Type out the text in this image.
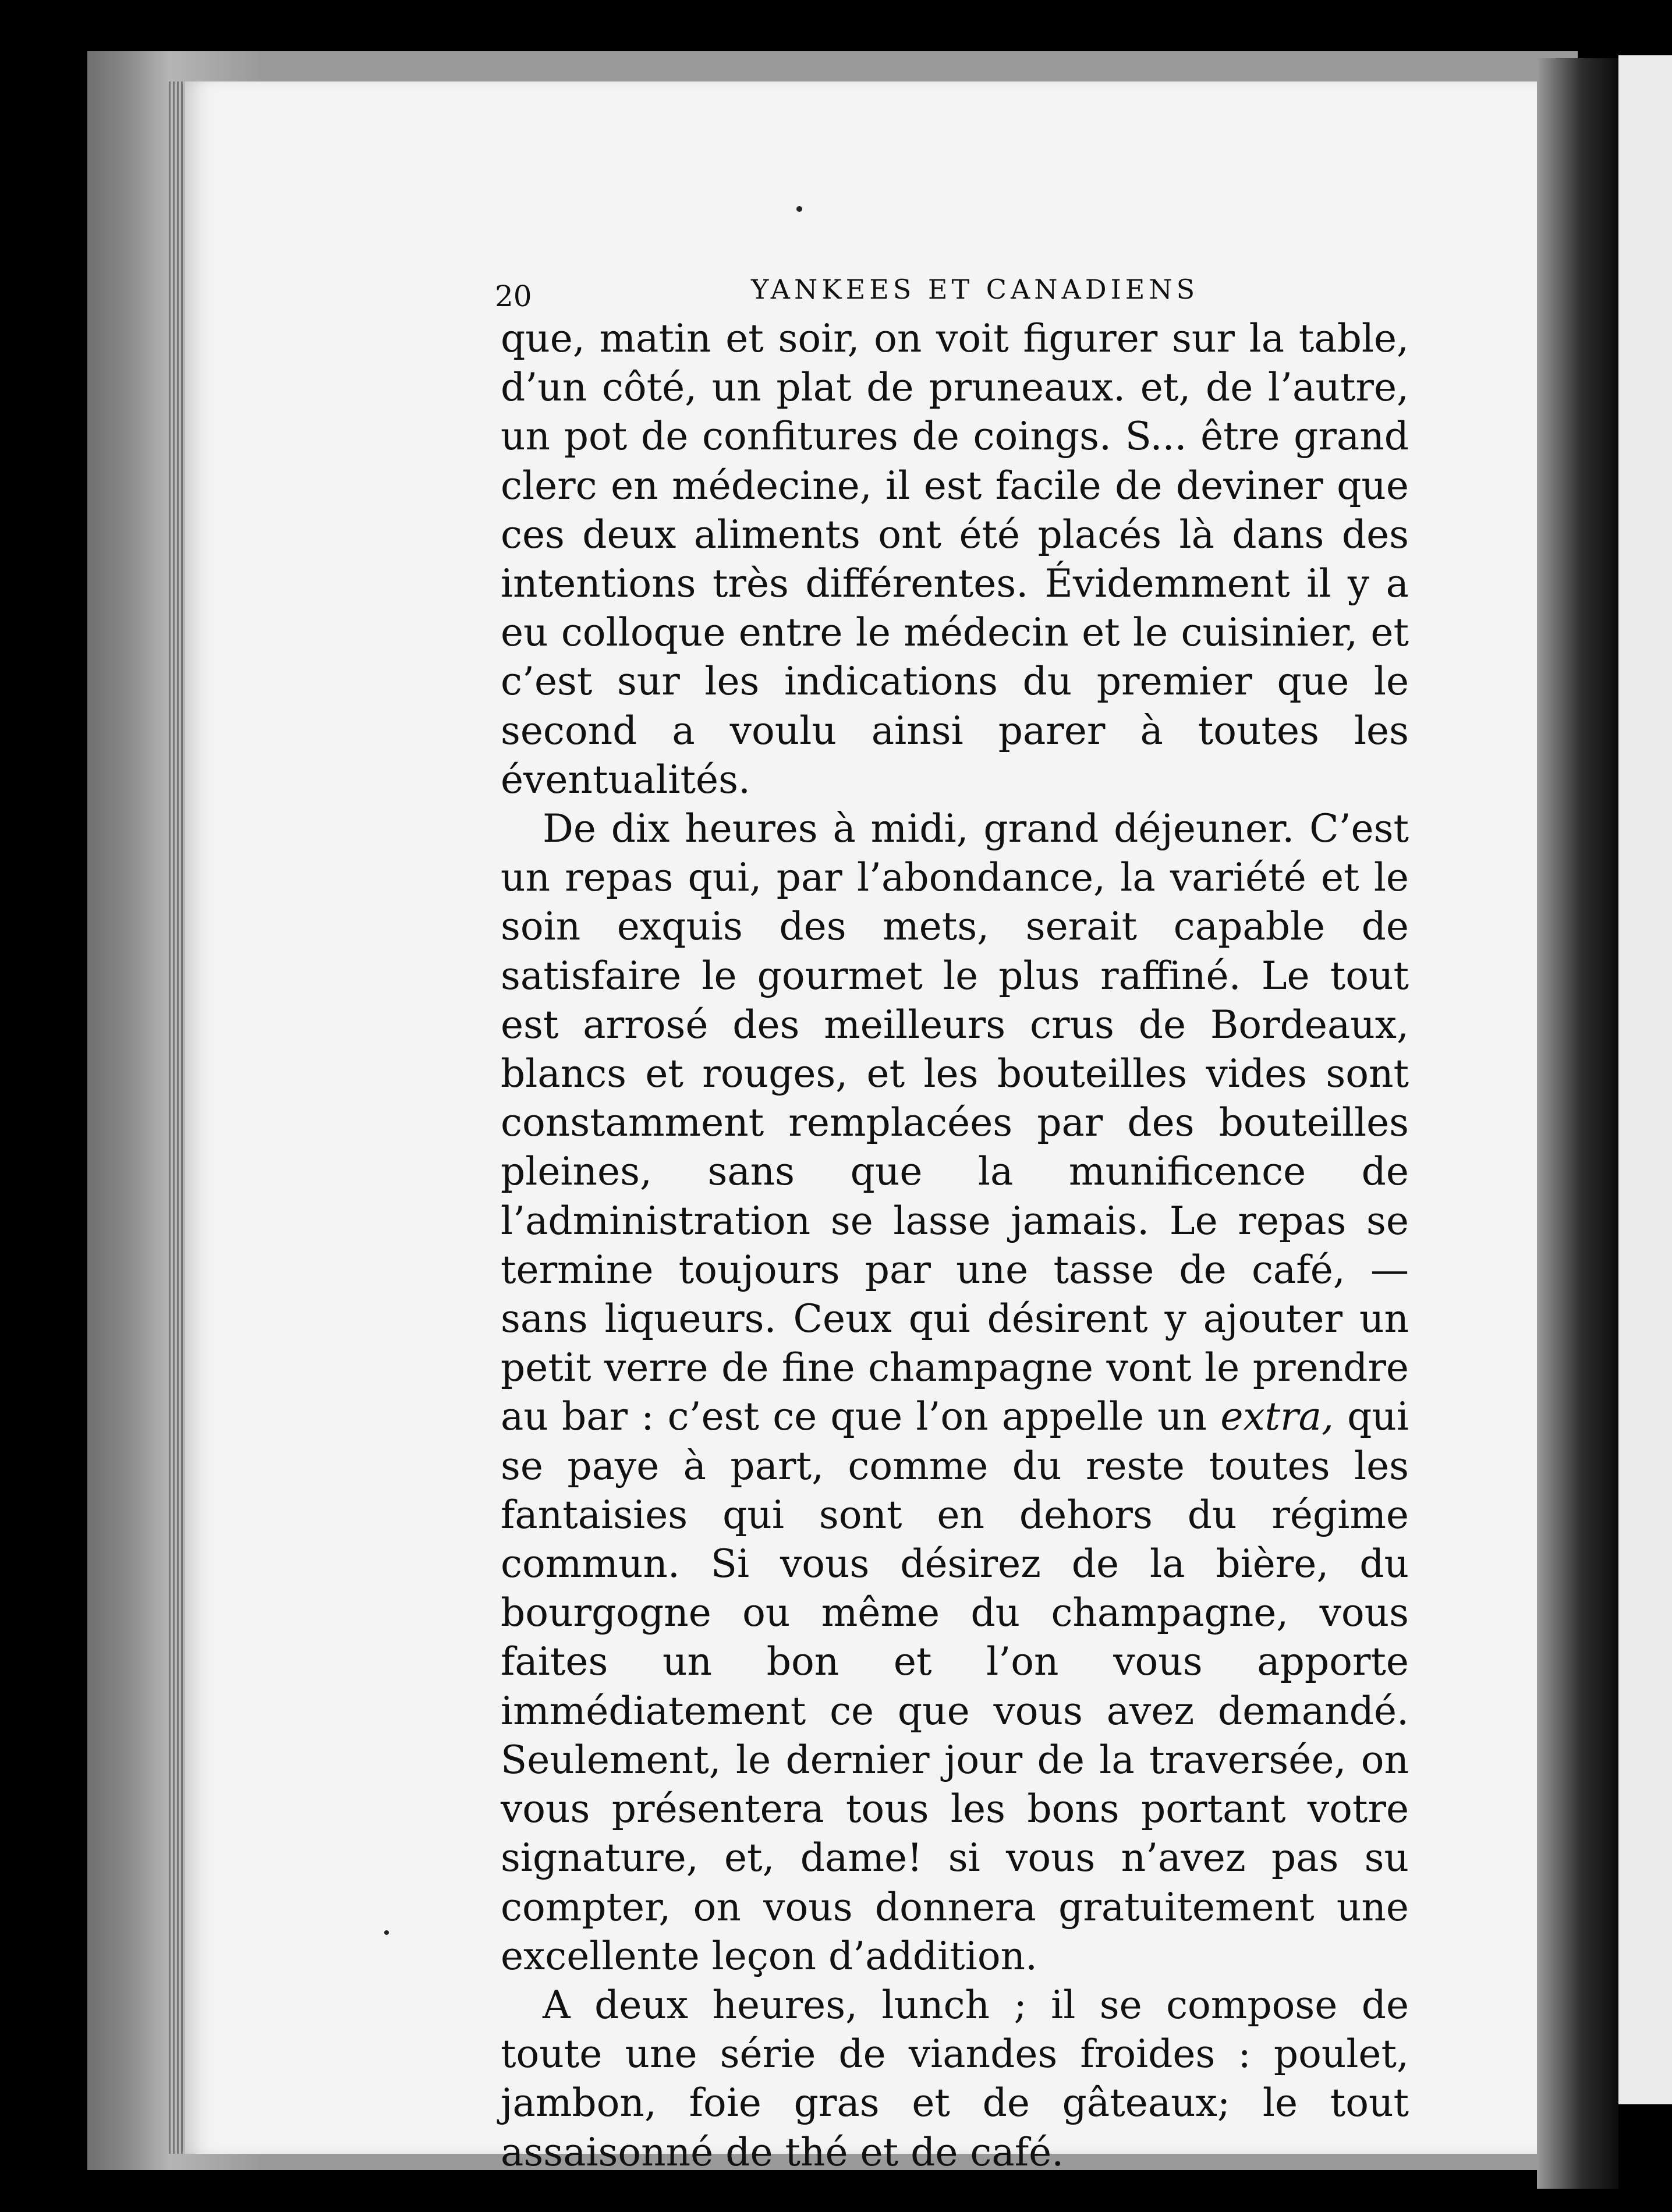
20	YANKEES ET CANADIENS

que, matin et soir, on voit figurer sur la table, d’un côté, un plat de pruneaux. et, de l’autre, un pot de confitures de coings. S... être grand clerc en médecine, il est facile de deviner que ces deux aliments ont été placés là dans des intentions très différentes. Évidemment il y a eu colloque entre le médecin et le cuisinier, et c’est sur les indications du premier que le second a voulu ainsi parer à toutes les éventualités.

De dix heures à midi, grand déjeuner. C’est un repas qui, par l’abondance, la variété et le soin exquis des mets, serait capable de satisfaire le gourmet le plus raffiné. Le tout est arrosé des meilleurs crus de Bordeaux, blancs et rouges, et les bouteilles vides sont constamment remplacées par des bouteilles pleines, sans que la munificence de l’administration se lasse jamais. Le repas se termine toujours par une tasse de café, — sans liqueurs. Ceux qui désirent y ajouter un petit verre de fine champagne vont le prendre au bar : c’est ce que l’on appelle un extra, qui se paye à part, comme du reste toutes les fantaisies qui sont en dehors du régime commun. Si vous désirez de la bière, du bourgogne ou même du champagne, vous faites un bon et l’on vous apporte immédiatement ce que vous avez demandé. Seulement, le dernier jour de la traversée, on vous présentera tous les bons portant votre signature, et, dame! si vous n’avez pas su compter, on vous donnera gratuitement une excellente leçon d’addition.

A deux heures, lunch ; il se compose de toute une série de viandes froides : poulet, jambon, foie gras et de gâteaux; le tout assaisonné de thé et de café.
